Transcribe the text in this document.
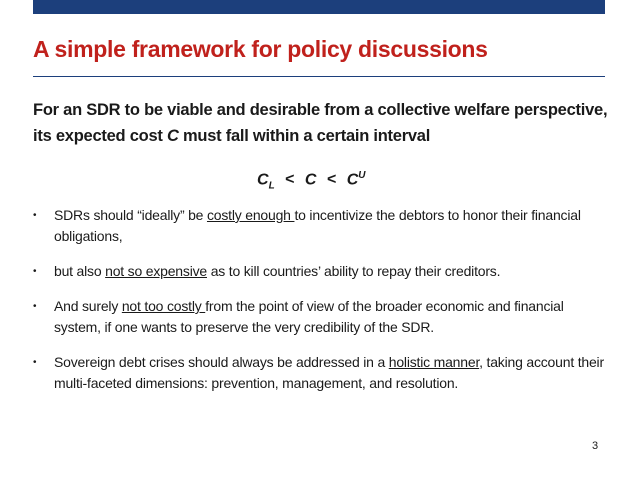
A simple framework for policy discussions

For an SDR to be viable and desirable from a collective welfare perspective, its expected cost C must fall within a certain interval

$C_L < C < C^U$

• SDRs should “ideally” be costly enough to incentivize the debtors to honor their financial obligations,
• but also not so expensive as to kill countries’ ability to repay their creditors.
• And surely not too costly from the point of view of the broader economic and financial system, if one wants to preserve the very credibility of the SDR.
• Sovereign debt crises should always be addressed in a holistic manner, taking account their multi-faceted dimensions: prevention, management, and resolution.
3
